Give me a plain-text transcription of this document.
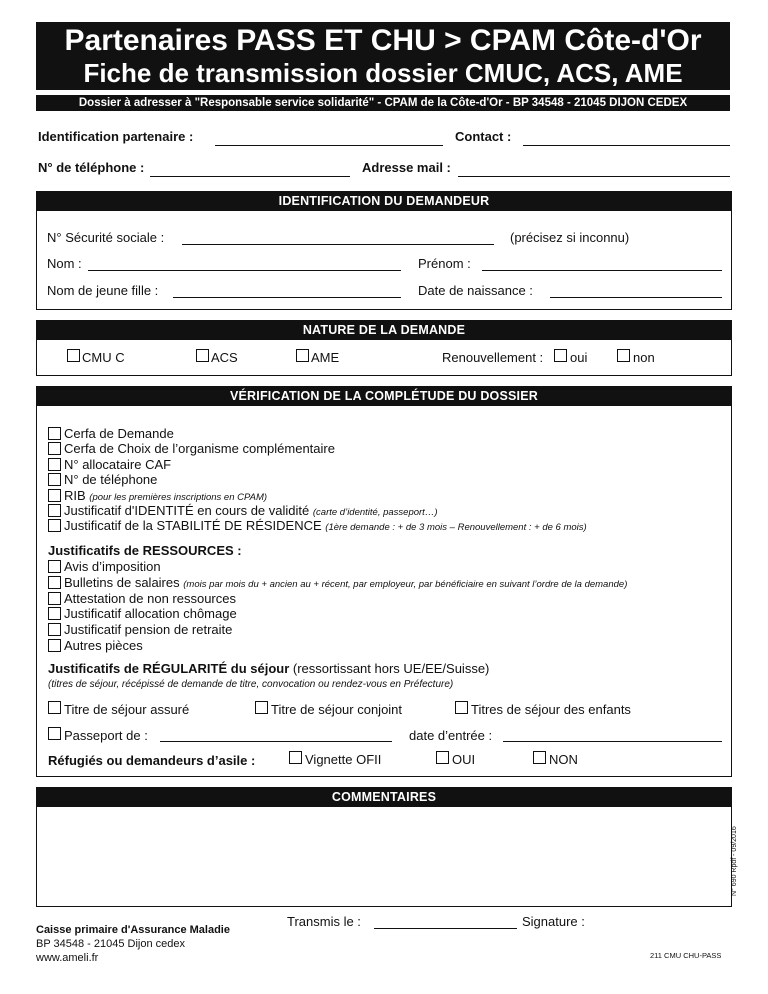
Partenaires PASS ET CHU > CPAM Côte-d'Or
Fiche de transmission dossier CMUC, ACS, AME
Dossier à adresser à "Responsable service solidarité" - CPAM de la Côte-d'Or - BP 34548 - 21045 DIJON CEDEX
Identification partenaire :	Contact :
N° de téléphone :	Adresse mail :
IDENTIFICATION DU DEMANDEUR
N° Sécurité sociale :	(précisez si inconnu)
Nom :	Prénom :
Nom de jeune fille :	Date de naissance :
NATURE DE LA DEMANDE
CMU C	ACS	AME	Renouvellement : oui	non
VÉRIFICATION DE LA COMPLÉTUDE DU DOSSIER
Cerfa de Demande
Cerfa de Choix de l’organisme complémentaire
N° allocataire CAF
N° de téléphone
RIB (pour les premières inscriptions en CPAM)
Justificatif d'IDENTITÉ en cours de validité (carte d’identité, passeport…)
Justificatif de la STABILITÉ DE RÉSIDENCE (1ère demande : + de 3 mois – Renouvellement : + de 6 mois)
Justificatifs de RESSOURCES :
Avis d’imposition
Bulletins de salaires (mois par mois du + ancien au + récent, par employeur, par bénéficiaire en suivant l’ordre de la demande)
Attestation de non ressources
Justificatif allocation chômage
Justificatif pension de retraite
Autres pièces
Justificatifs de RÉGULARITÉ du séjour (ressortissant hors UE/EE/Suisse)
(titres de séjour, récépissé de demande de titre, convocation ou rendez-vous en Préfecture)
Titre de séjour assuré	Titre de séjour conjoint	Titres de séjour des enfants
Passeport de :	date d’entrée :
Réfugiés ou demandeurs d’asile :	Vignette OFII	OUI	NON
COMMENTAIRES
N° 690 Rpdf - 09/2016
Caisse primaire d'Assurance Maladie
BP 34548 - 21045 Dijon cedex
www.ameli.fr
Transmis le :	Signature :
211 CMU CHU-PASS
